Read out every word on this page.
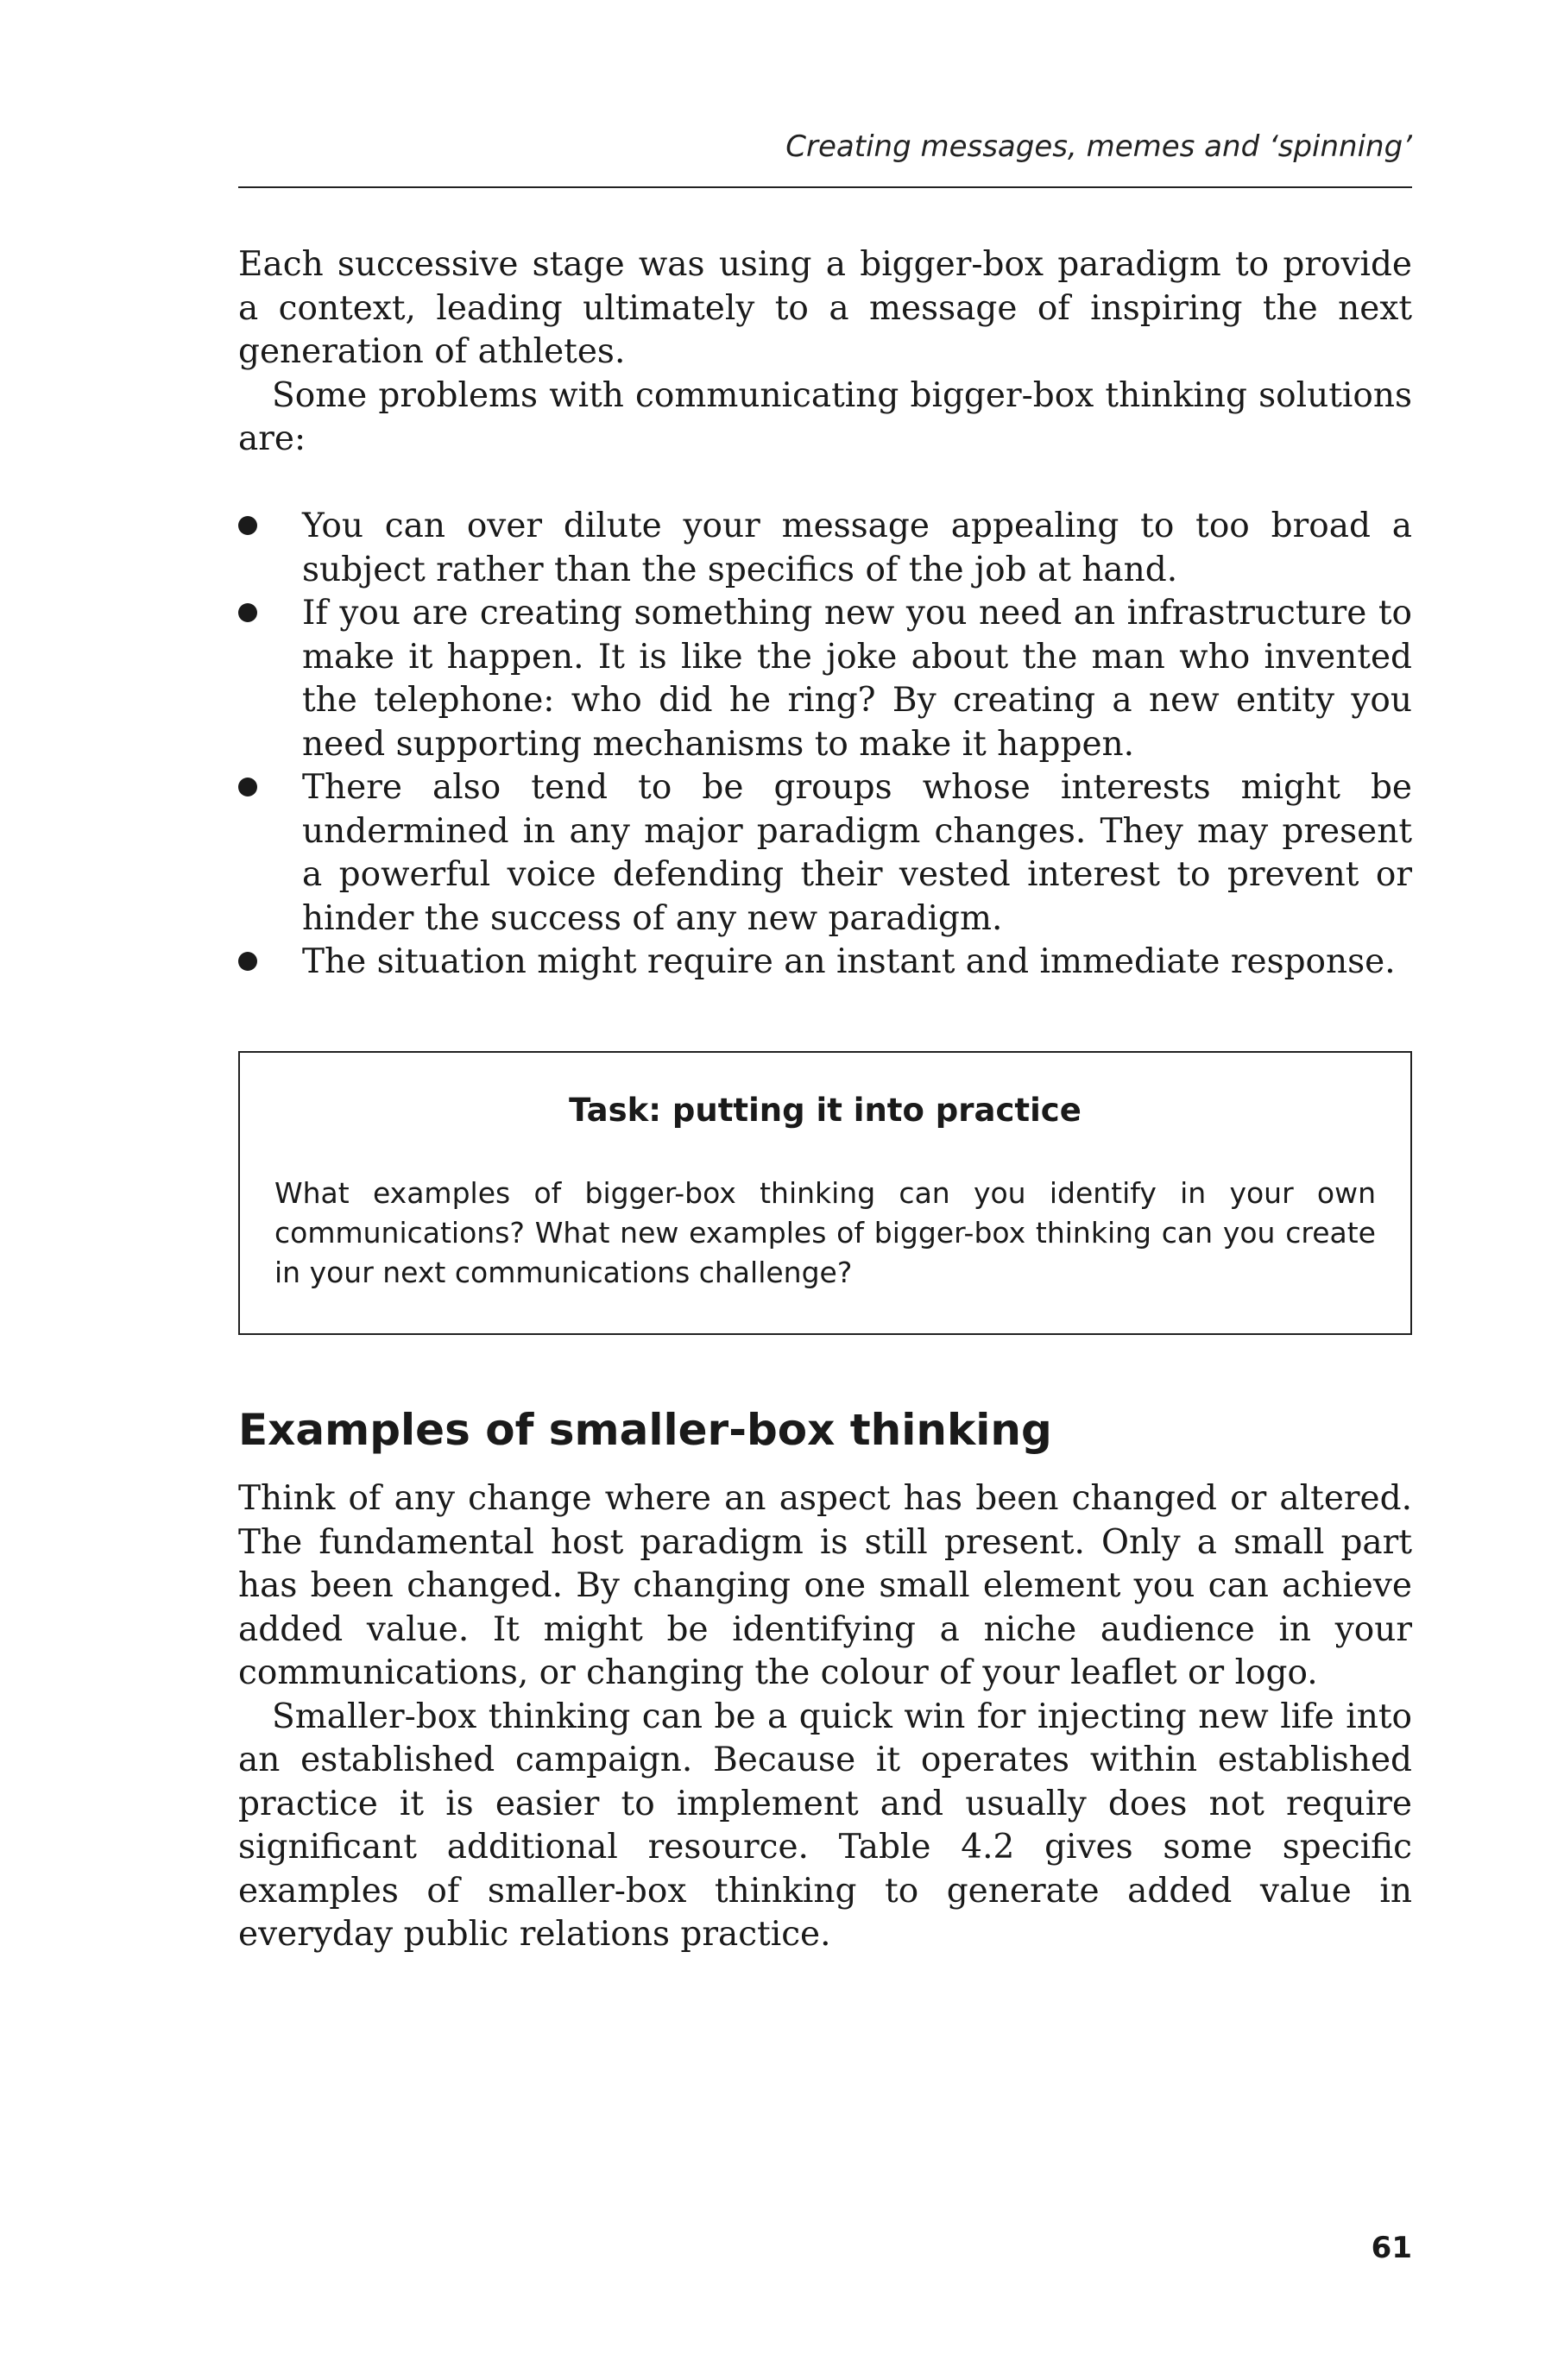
Creating messages, memes and ‘spinning’

Each successive stage was using a bigger-box paradigm to provide a context, leading ultimately to a message of inspiring the next generation of athletes.

Some problems with communicating bigger-box thinking solutions are:

You can over dilute your message appealing to too broad a subject rather than the specifics of the job at hand.
If you are creating something new you need an infrastructure to make it happen. It is like the joke about the man who invented the telephone: who did he ring? By creating a new entity you need supporting mechanisms to make it happen.
There also tend to be groups whose interests might be undermined in any major paradigm changes. They may present a powerful voice defending their vested interest to prevent or hinder the success of any new paradigm.
The situation might require an instant and immediate response.
Task: putting it into practice
What examples of bigger-box thinking can you identify in your own communications? What new examples of bigger-box thinking can you create in your next communications challenge?
Examples of smaller-box thinking

Think of any change where an aspect has been changed or altered. The fundamental host paradigm is still present. Only a small part has been changed. By changing one small element you can achieve added value. It might be identifying a niche audience in your communications, or changing the colour of your leaflet or logo.

Smaller-box thinking can be a quick win for injecting new life into an established campaign. Because it operates within established practice it is easier to implement and usually does not require significant additional resource. Table 4.2 gives some specific examples of smaller-box thinking to generate added value in everyday public relations practice.

61
